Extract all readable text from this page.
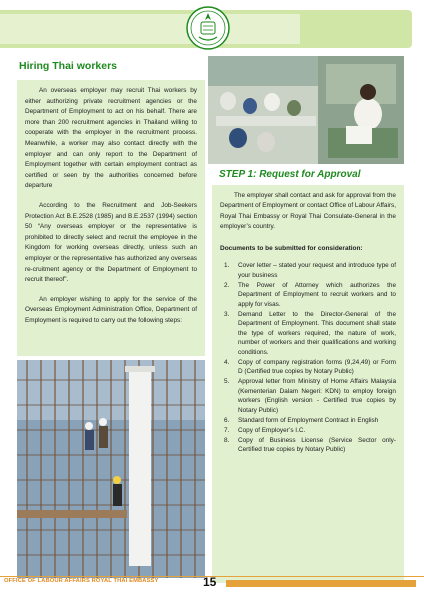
Hiring Thai workers

An overseas employer may recruit Thai workers by either authorizing private recruitment agencies or the Department of Employment to act on his behalf. There are more than 200 recruitment agencies in Thailand willing to cooperate with the employer in the recruitment process. Meanwhile, a worker may also contact directly with the employer and can only report to the Department of Employment together with certain employment contract as certified or seen by the authorities concerned before departure

According to the Recruitment and Job-Seekers Protection Act B.E.2528 (1985) and B.E.2537 (1994) section 50 “Any overseas employer or the representative is prohibited to directly select and recruit the employee in the Kingdom for working overseas directly, unless such an employer or the representative has authorized any overseas re-cruitment agency or the Department of Employment to recruit thereof”.

An employer wishing to apply for the service of the Overseas Employment Administration Office, Department of Employment is required to carry out the following steps:

STEP 1: Request for Approval

The employer shall contact and ask for approval from the Department of Employment or contact Office of Labour Affairs, Royal Thai Embassy or Royal Thai Consulate-General in the employer’s country.

Documents to be submitted for consideration:

1. Cover letter – stated your request and introduce type of your business
2. The Power of Attorney which authorizes the Department of Employment to recruit workers and to apply for visas.
3. Demand Letter to the Director-General of the Department of Employment. This document shall state the type of workers required, the nature of work, number of workers and their qualifications and working conditions.
4. Copy of company registration forms (9,24,49) or Form D (Certified true copies by Notary Public)
5. Approval letter from Ministry of Home Affairs Malaysia (Kementerian Dalam Negeri: KDN) to employ foreign workers (English version - Certified true copies by Notary Public)
6. Standard form of Employment Contract in English
7. Copy of Employer’s I.C.
8. Copy of Business License (Service Sector only- Certified true copies by Notary Public)
OFFICE OF LABOUR AFFAIRS ROYAL THAI EMBASSY	15
